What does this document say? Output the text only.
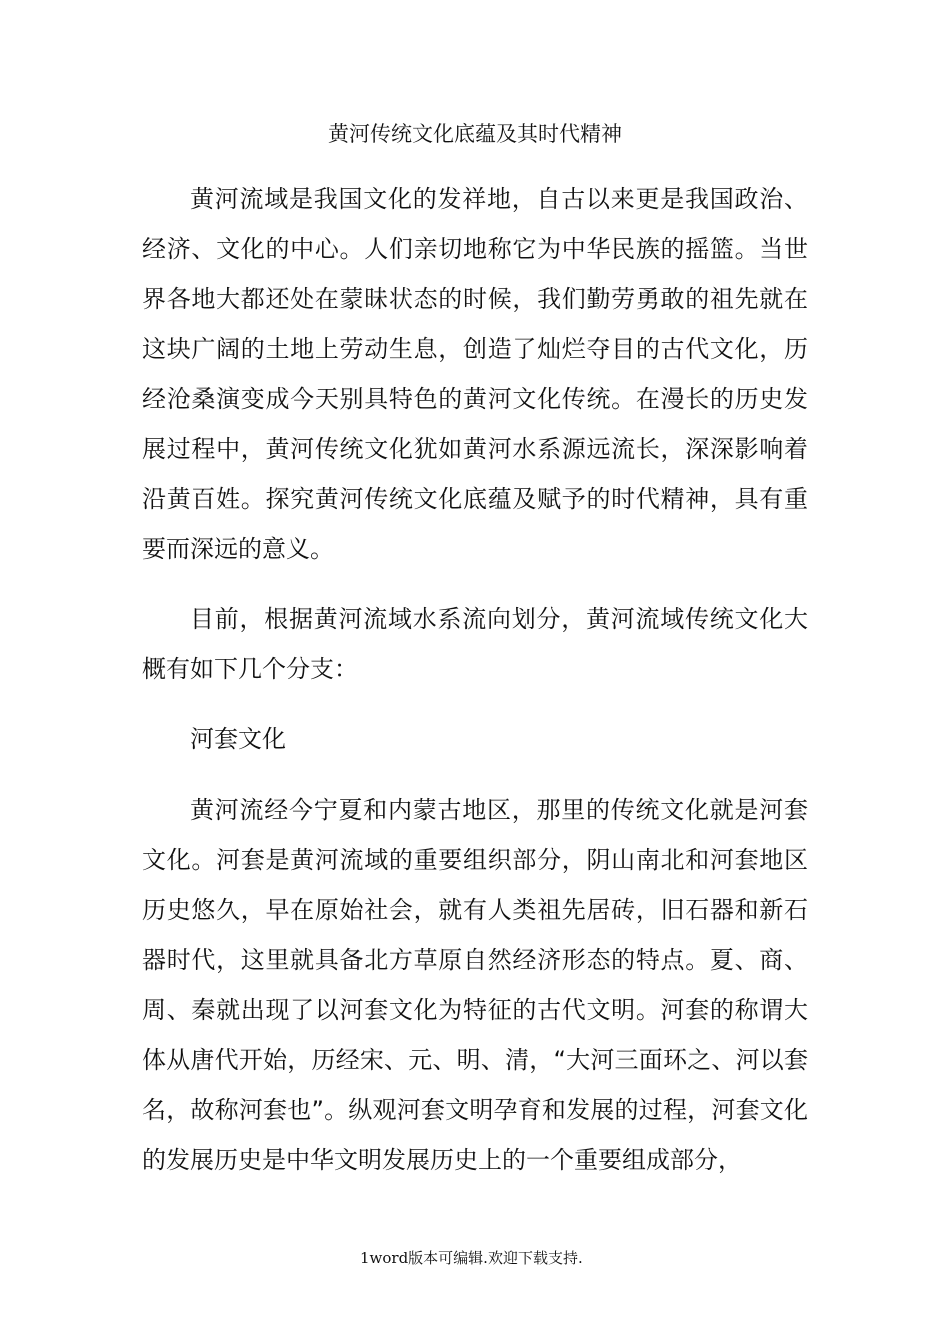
黄河传统文化底蕴及其时代精神
黄河流域是我国文化的发祥地，自古以来更是我国政治、经济、文化的中心。人们亲切地称它为中华民族的摇篮。当世界各地大都还处在蒙昧状态的时候，我们勤劳勇敢的祖先就在这块广阔的土地上劳动生息，创造了灿烂夺目的古代文化，历经沧桑演变成今天别具特色的黄河文化传统。在漫长的历史发展过程中，黄河传统文化犹如黄河水系源远流长，深深影响着沿黄百姓。探究黄河传统文化底蕴及赋予的时代精神，具有重要而深远的意义。
目前，根据黄河流域水系流向划分，黄河流域传统文化大概有如下几个分支：
河套文化
黄河流经今宁夏和内蒙古地区，那里的传统文化就是河套文化。河套是黄河流域的重要组织部分，阴山南北和河套地区历史悠久，早在原始社会，就有人类祖先居砖，旧石器和新石器时代，这里就具备北方草原自然经济形态的特点。夏、商、周、秦就出现了以河套文化为特征的古代文明。河套的称谓大体从唐代开始，历经宋、元、明、清，“大河三面环之、河以套名，故称河套也”。纵观河套文明孕育和发展的过程，河套文化的发展历史是中华文明发展历史上的一个重要组成部分，
1word版本可编辑.欢迎下载支持.
